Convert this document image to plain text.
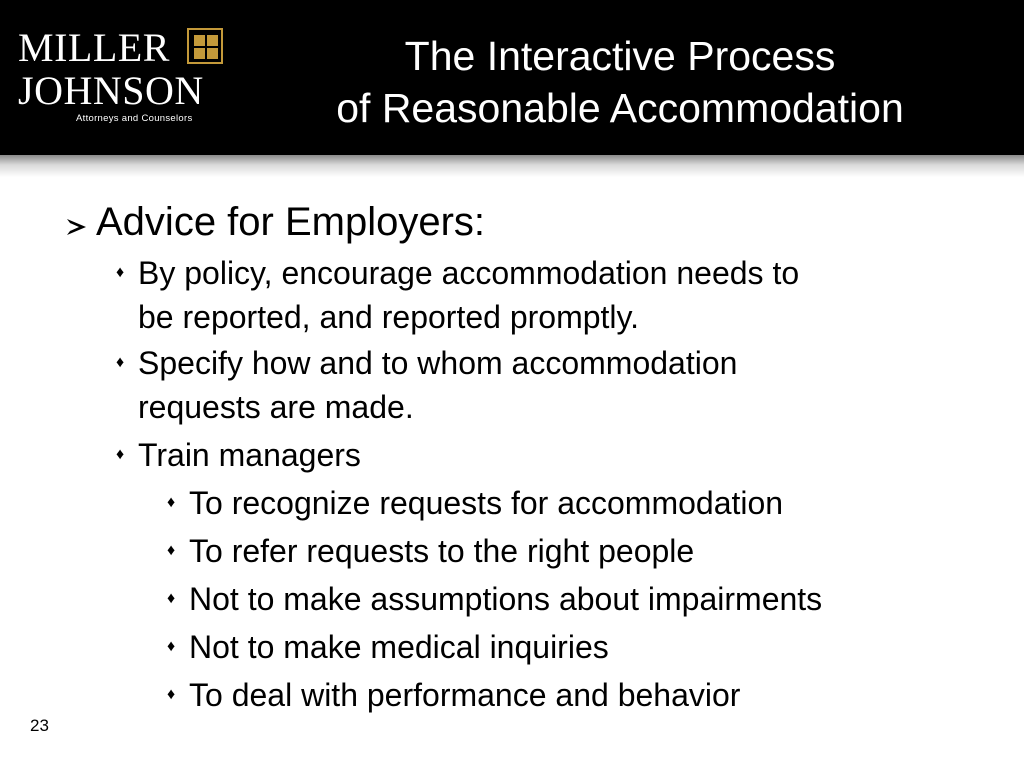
MILLER
JOHNSON
Attorneys and Counselors
The Interactive Process
of Reasonable Accommodation
Advice for Employers:
♦ By policy, encourage accommodation needs to
be reported, and reported promptly.
♦ Specify how and to whom accommodation
requests are made.
♦ Train managers
♦ To recognize requests for accommodation
♦ To refer requests to the right people
♦ Not to make assumptions about impairments
♦ Not to make medical inquiries
♦ To deal with performance and behavior
23
